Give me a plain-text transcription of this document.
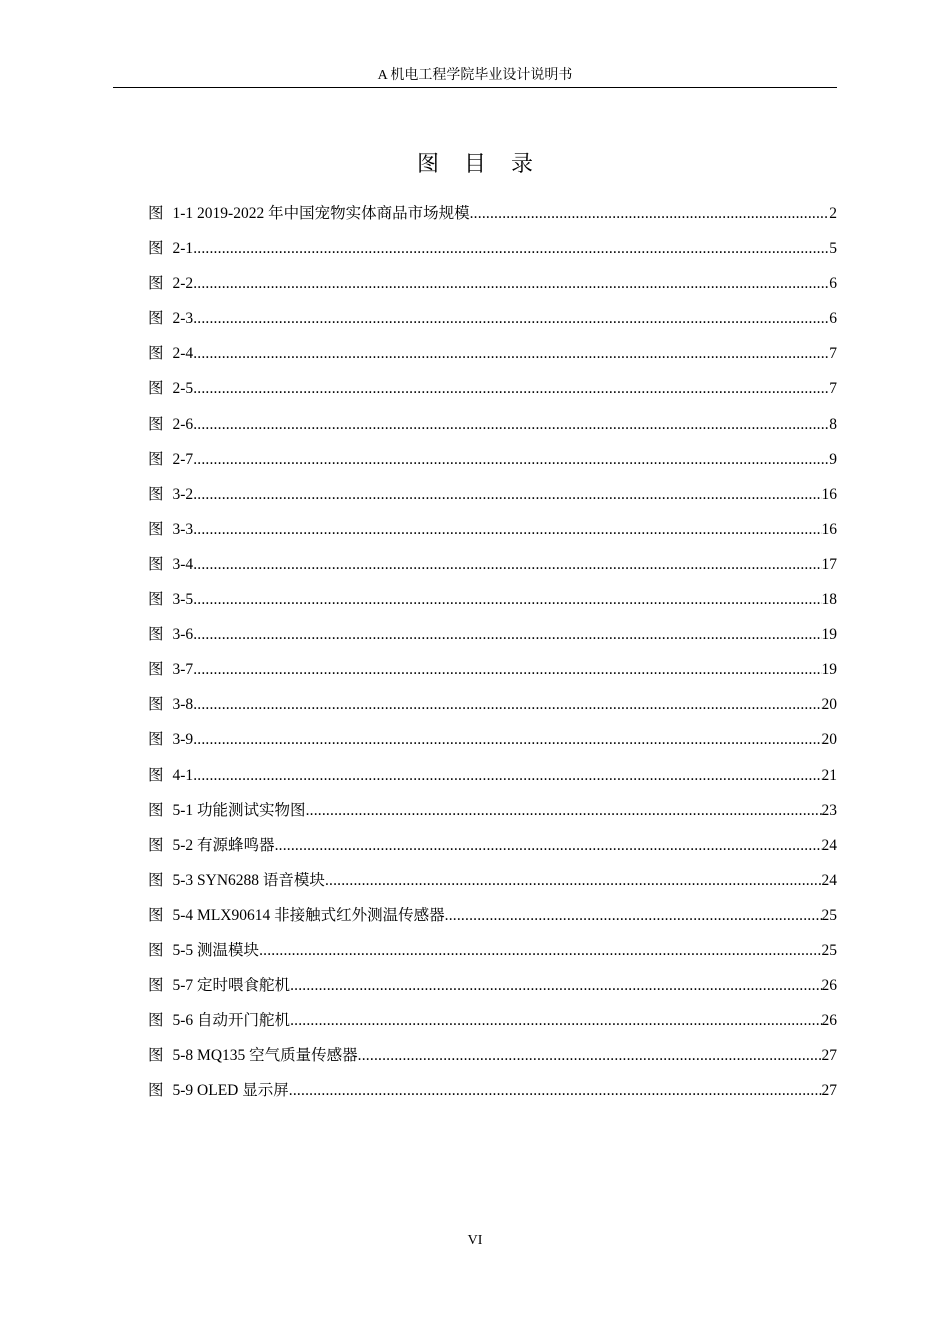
A 机电工程学院毕业设计说明书
图 目 录
图 1-1 2019-2022 年中国宠物实体商品市场规模 .....	2
图 2-1 .....	5
图 2-2 .....	6
图 2-3 .....	6
图 2-4 .....	7
图 2-5 .....	7
图 2-6 .....	8
图 2-7 .....	9
图 3-2 .....	16
图 3-3 .....	16
图 3-4 .....	17
图 3-5 .....	18
图 3-6 .....	19
图 3-7 .....	19
图 3-8 .....	20
图 3-9 .....	20
图 4-1 .....	21
图 5-1 功能测试实物图 .....	23
图 5-2 有源蜂鸣器 .....	24
图 5-3 SYN6288 语音模块 .....	24
图 5-4 MLX90614 非接触式红外测温传感器 .....	25
图 5-5 测温模块 .....	25
图 5-7 定时喂食舵机 .....	26
图 5-6 自动开门舵机 .....	26
图 5-8 MQ135 空气质量传感器 .....	27
图 5-9 OLED 显示屏 .....	27
VI
